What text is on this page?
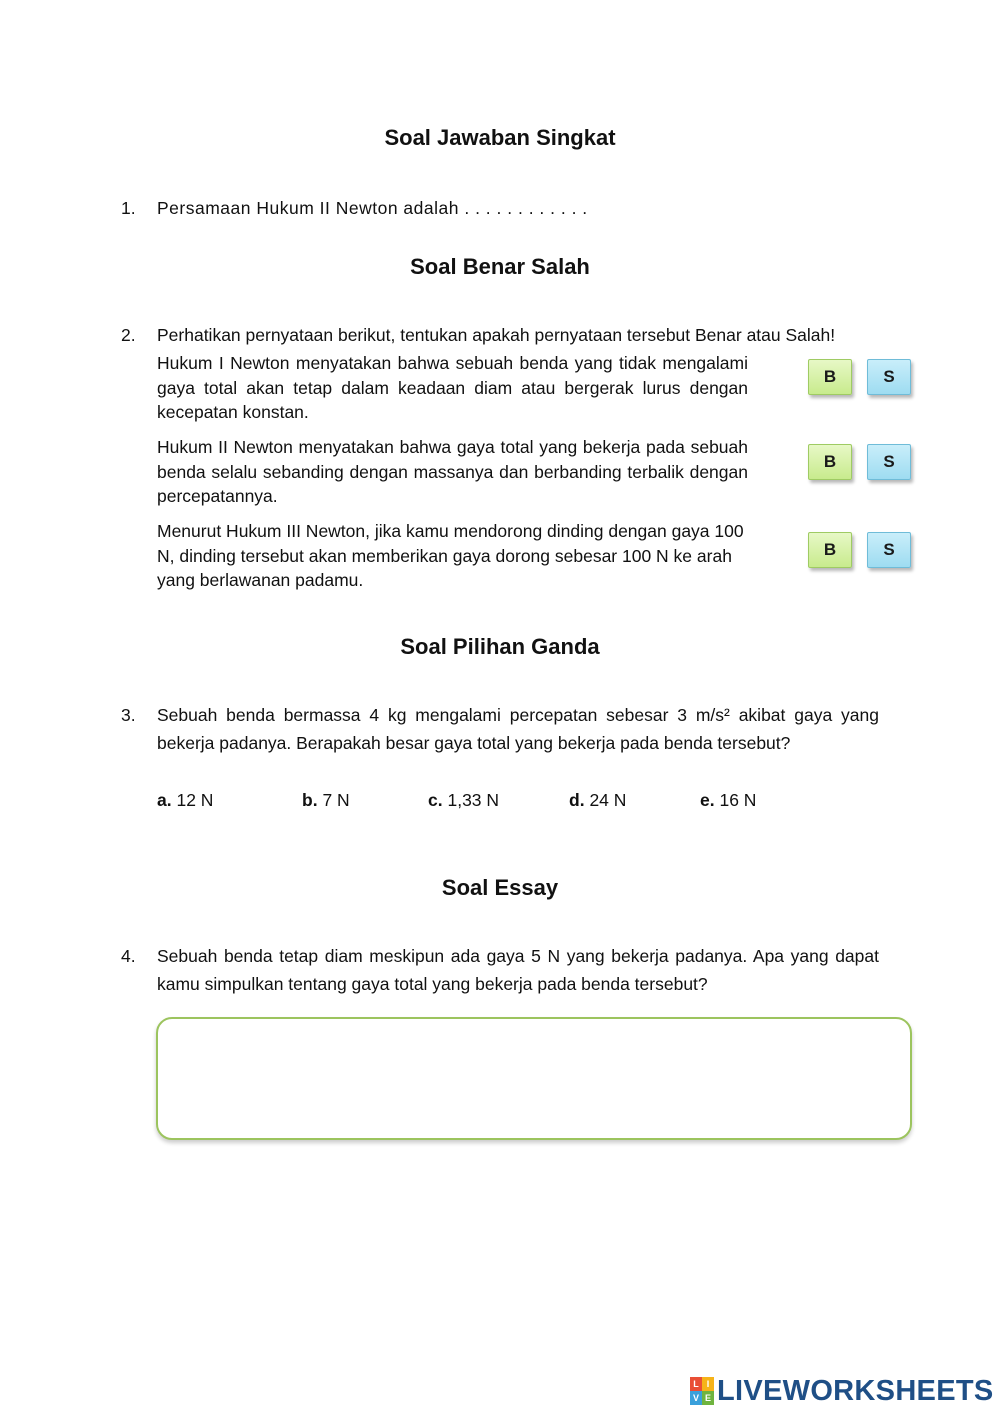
Soal Jawaban Singkat
1. Persamaan Hukum II Newton adalah . . . . . . . . . . . .
Soal Benar Salah
2. Perhatikan pernyataan berikut, tentukan apakah pernyataan tersebut Benar atau Salah!
Hukum I Newton menyatakan bahwa sebuah benda yang tidak mengalami gaya total akan tetap dalam keadaan diam atau bergerak lurus dengan kecepatan konstan.
B	S
Hukum II Newton menyatakan bahwa gaya total yang bekerja pada sebuah benda selalu sebanding dengan massanya dan berbanding terbalik dengan percepatannya.
B	S
Menurut Hukum III Newton, jika kamu mendorong dinding dengan gaya 100 N, dinding tersebut akan memberikan gaya dorong sebesar 100 N ke arah yang berlawanan padamu.
B	S
Soal Pilihan Ganda
3. Sebuah benda bermassa 4 kg mengalami percepatan sebesar 3 m/s² akibat gaya yang
bekerja padanya. Berapakah besar gaya total yang bekerja pada benda tersebut?
a. 12 N	b. 7 N	c. 1,33 N	d. 24 N	e. 16 N
Soal Essay
4. Sebuah benda tetap diam meskipun ada gaya 5 N yang bekerja padanya. Apa yang dapat
kamu simpulkan tentang gaya total yang bekerja pada benda tersebut?
L I
V E LIVEWORKSHEETS
